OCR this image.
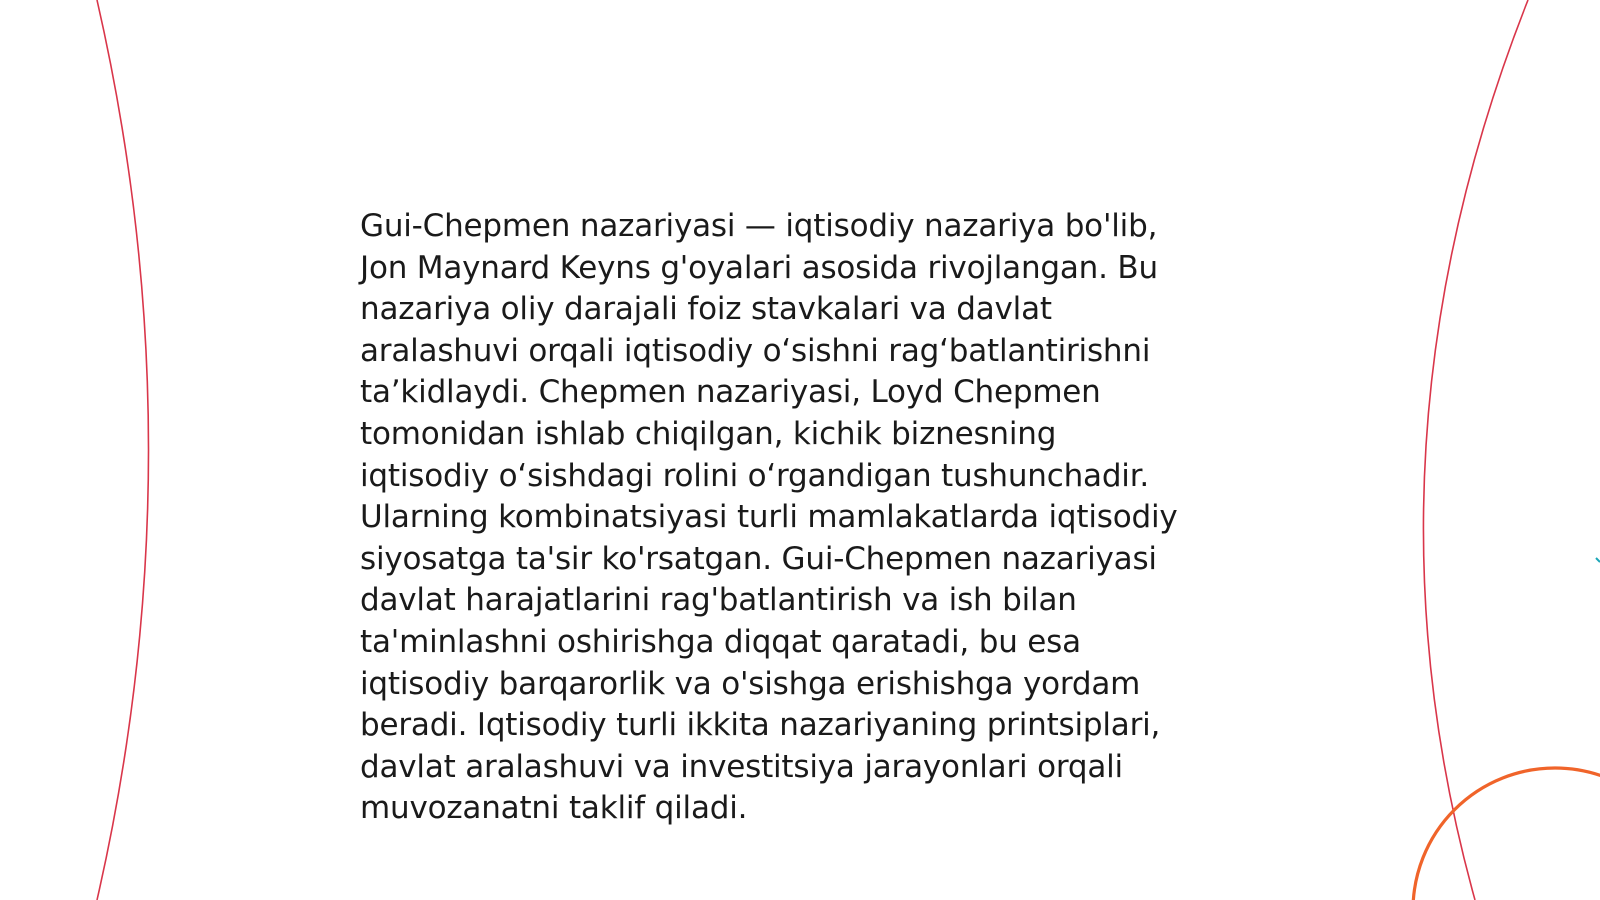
Gui-Chepmen nazariyasi — iqtisodiy nazariya bo'lib,
Jon Maynard Keyns g'oyalari asosida rivojlangan. Bu
nazariya oliy darajali foiz stavkalari va davlat
aralashuvi orqali iqtisodiy oʻsishni ragʻbatlantirishni
taʼkidlaydi. Chepmen nazariyasi, Loyd Chepmen
tomonidan ishlab chiqilgan, kichik biznesning
iqtisodiy oʻsishdagi rolini oʻrgandigan tushunchadir.
Ularning kombinatsiyasi turli mamlakatlarda iqtisodiy
siyosatga ta'sir ko'rsatgan. Gui-Chepmen nazariyasi
davlat harajatlarini rag'batlantirish va ish bilan
ta'minlashni oshirishga diqqat qaratadi, bu esa
iqtisodiy barqarorlik va o'sishga erishishga yordam
beradi. Iqtisodiy turli ikkita nazariyaning printsiplari,
davlat aralashuvi va investitsiya jarayonlari orqali
muvozanatni taklif qiladi.
